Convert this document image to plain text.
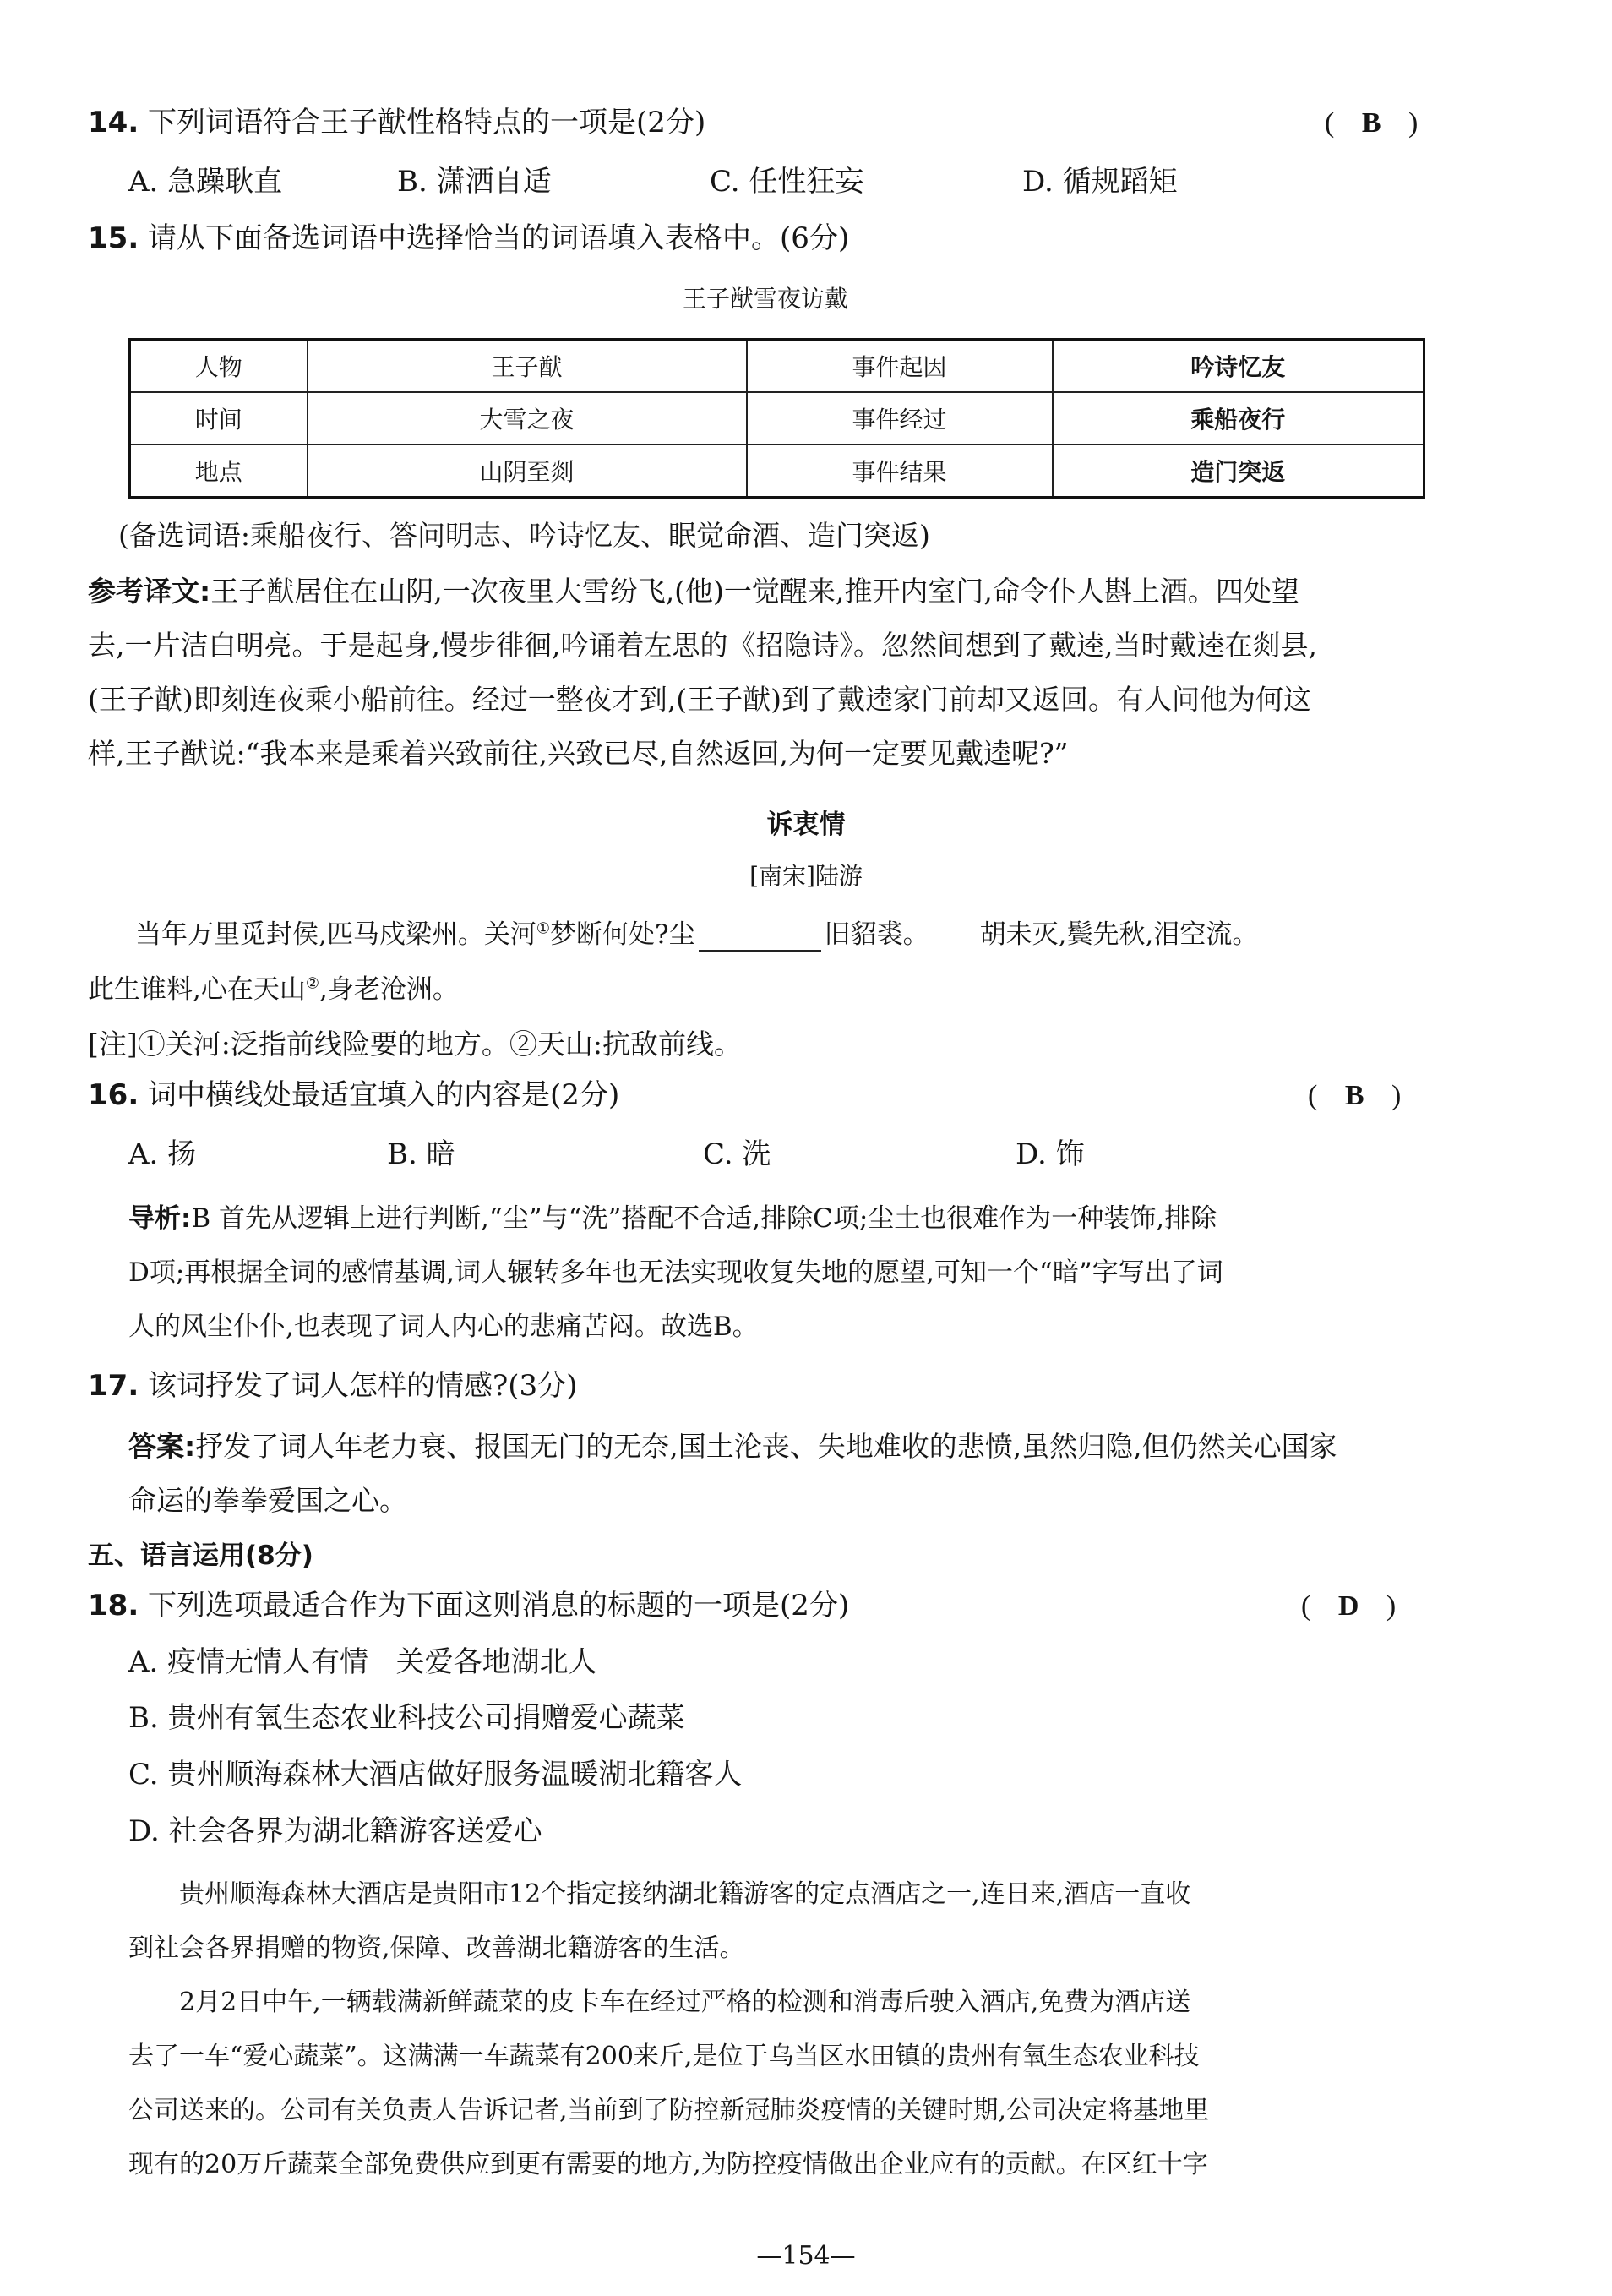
14. 下列词语符合王子猷性格特点的一项是(2分)	( B )
A. 急躁耿直	B. 潇洒自适	C. 任性狂妄	D. 循规蹈矩
15. 请从下面备选词语中选择恰当的词语填入表格中。(6分)
王子猷雪夜访戴
人物	王子猷	事件起因	吟诗忆友
时间	大雪之夜	事件经过	乘船夜行
地点	山阴至剡	事件结果	造门突返
(备选词语:乘船夜行、答问明志、吟诗忆友、眠觉命酒、造门突返)
参考译文:王子猷居住在山阴,一次夜里大雪纷飞,(他)一觉醒来,推开内室门,命令仆人斟上酒。四处望
去,一片洁白明亮。于是起身,慢步徘徊,吟诵着左思的《招隐诗》。忽然间想到了戴逵,当时戴逵在剡县,
(王子猷)即刻连夜乘小船前往。经过一整夜才到,(王子猷)到了戴逵家门前却又返回。有人问他为何这
样,王子猷说:“我本来是乘着兴致前往,兴致已尽,自然返回,为何一定要见戴逵呢?”
诉衷情
[南宋]陆游
当年万里觅封侯,匹马戍梁州。关河①梦断何处?尘	旧貂裘。 胡未灭,鬓先秋,泪空流。
此生谁料,心在天山②,身老沧洲。
[注]①关河:泛指前线险要的地方。②天山:抗敌前线。
16. 词中横线处最适宜填入的内容是(2分)	( B )
A. 扬	B. 暗	C. 洗	D. 饰
导析:B 首先从逻辑上进行判断,“尘”与“洗”搭配不合适,排除C项;尘土也很难作为一种装饰,排除
D项;再根据全词的感情基调,词人辗转多年也无法实现收复失地的愿望,可知一个“暗”字写出了词
人的风尘仆仆,也表现了词人内心的悲痛苦闷。故选B。
17. 该词抒发了词人怎样的情感?(3分)
答案:抒发了词人年老力衰、报国无门的无奈,国土沦丧、失地难收的悲愤,虽然归隐,但仍然关心国家
命运的拳拳爱国之心。
五、语言运用(8分)
18. 下列选项最适合作为下面这则消息的标题的一项是(2分)	( D )
A. 疫情无情人有情   关爱各地湖北人
B. 贵州有氧生态农业科技公司捐赠爱心蔬菜
C. 贵州顺海森林大酒店做好服务温暖湖北籍客人
D. 社会各界为湖北籍游客送爱心
贵州顺海森林大酒店是贵阳市12个指定接纳湖北籍游客的定点酒店之一,连日来,酒店一直收
到社会各界捐赠的物资,保障、改善湖北籍游客的生活。
2月2日中午,一辆载满新鲜蔬菜的皮卡车在经过严格的检测和消毒后驶入酒店,免费为酒店送
去了一车“爱心蔬菜”。这满满一车蔬菜有200来斤,是位于乌当区水田镇的贵州有氧生态农业科技
公司送来的。公司有关负责人告诉记者,当前到了防控新冠肺炎疫情的关键时期,公司决定将基地里
现有的20万斤蔬菜全部免费供应到更有需要的地方,为防控疫情做出企业应有的贡献。在区红十字
—154—
